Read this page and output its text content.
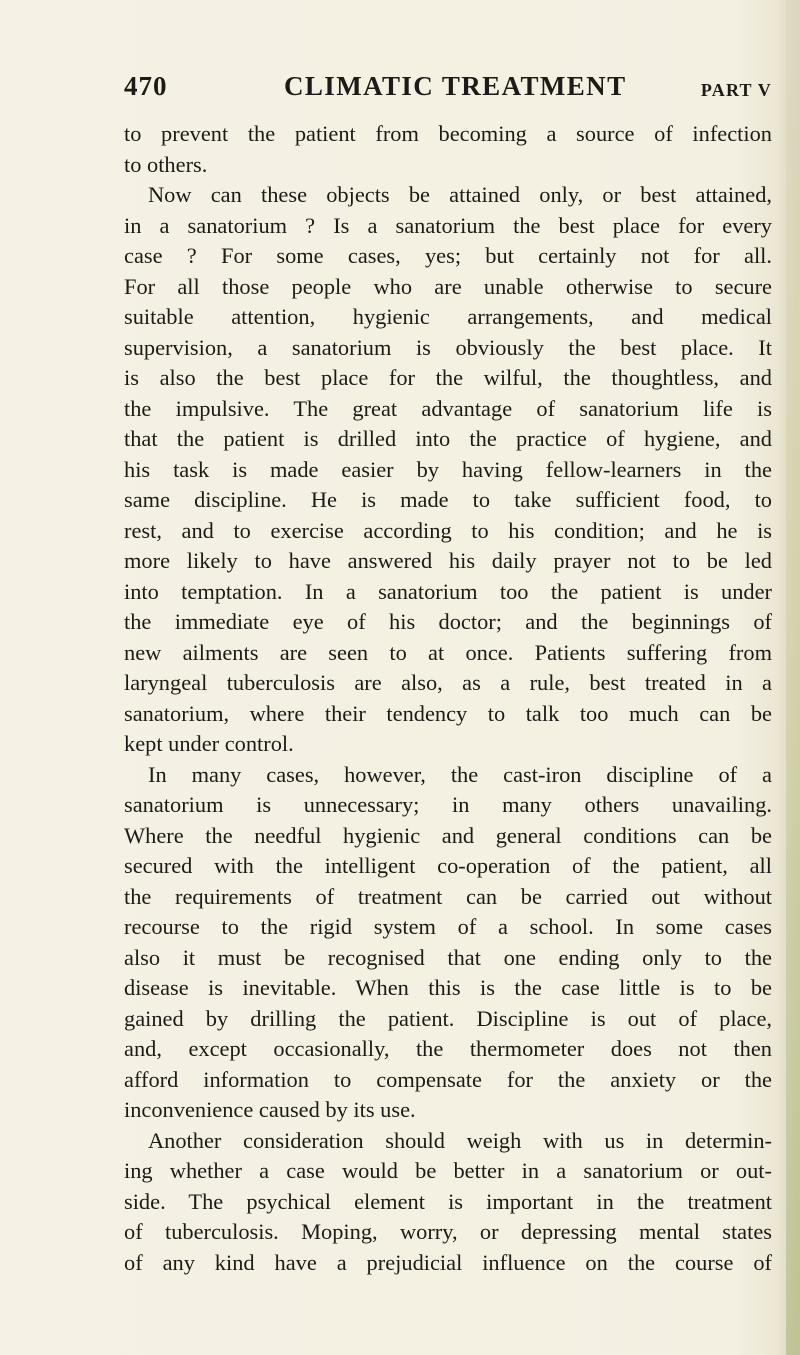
470	CLIMATIC TREATMENT	PART V
to prevent the patient from becoming a source of infection
to others.
Now can these objects be attained only, or best attained,
in a sanatorium ? Is a sanatorium the best place for every
case ? For some cases, yes; but certainly not for all.
For all those people who are unable otherwise to secure
suitable attention, hygienic arrangements, and medical
supervision, a sanatorium is obviously the best place. It
is also the best place for the wilful, the thoughtless, and
the impulsive. The great advantage of sanatorium life is
that the patient is drilled into the practice of hygiene, and
his task is made easier by having fellow-learners in the
same discipline. He is made to take sufficient food, to
rest, and to exercise according to his condition; and he is
more likely to have answered his daily prayer not to be led
into temptation. In a sanatorium too the patient is under
the immediate eye of his doctor; and the beginnings of
new ailments are seen to at once. Patients suffering from
laryngeal tuberculosis are also, as a rule, best treated in a
sanatorium, where their tendency to talk too much can be
kept under control.
In many cases, however, the cast-iron discipline of a
sanatorium is unnecessary; in many others unavailing.
Where the needful hygienic and general conditions can be
secured with the intelligent co-operation of the patient, all
the requirements of treatment can be carried out without
recourse to the rigid system of a school. In some cases
also it must be recognised that one ending only to the
disease is inevitable. When this is the case little is to be
gained by drilling the patient. Discipline is out of place,
and, except occasionally, the thermometer does not then
afford information to compensate for the anxiety or the
inconvenience caused by its use.
Another consideration should weigh with us in determin-
ing whether a case would be better in a sanatorium or out-
side. The psychical element is important in the treatment
of tuberculosis. Moping, worry, or depressing mental states
of any kind have a prejudicial influence on the course of
